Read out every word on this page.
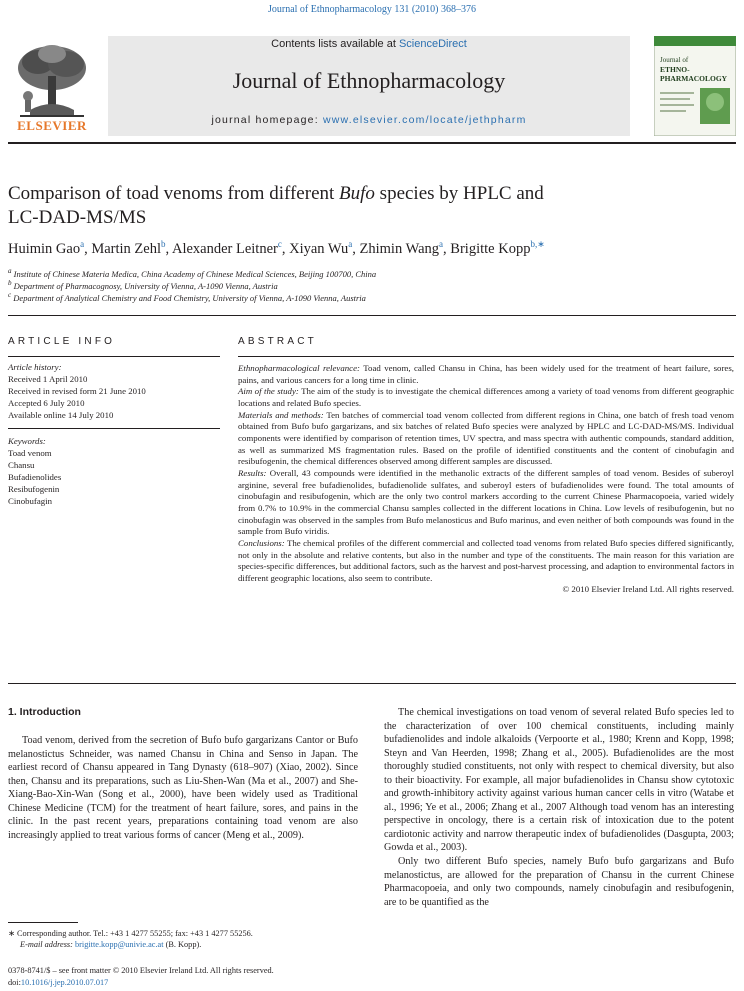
Journal of Ethnopharmacology 131 (2010) 368–376
ELSEVIER
Contents lists available at ScienceDirect
Journal of Ethnopharmacology
journal homepage: www.elsevier.com/locate/jethpharm
Journal of
ETHNO-
PHARMACOLOGY
Comparison of toad venoms from different Bufo species by HPLC and
LC-DAD-MS/MS
Huimin Gao$^a$, Martin Zehl$^b$, Alexander Leitner$^c$, Xiyan Wu$^a$, Zhimin Wang$^a$, Brigitte Kopp$^{b,∗}$
$^a$ Institute of Chinese Materia Medica, China Academy of Chinese Medical Sciences, Beijing 100700, China
$^b$ Department of Pharmacognosy, University of Vienna, A-1090 Vienna, Austria
$^c$ Department of Analytical Chemistry and Food Chemistry, University of Vienna, A-1090 Vienna, Austria
ARTICLE INFO
Article history:
Received 1 April 2010
Received in revised form 21 June 2010
Accepted 6 July 2010
Available online 14 July 2010
Keywords:
Toad venom
Chansu
Bufadienolides
Resibufogenin
Cinobufagin
ABSTRACT

Ethnopharmacological relevance: Toad venom, called Chansu in China, has been widely used for the treatment of heart failure, sores, pains, and various cancers for a long time in clinic.

Aim of the study: The aim of the study is to investigate the chemical differences among a variety of toad venoms from different geographic locations and related Bufo species.

Materials and methods: Ten batches of commercial toad venom collected from different regions in China, one batch of fresh toad venom obtained from Bufo bufo gargarizans, and six batches of related Bufo species were analyzed by HPLC and LC-DAD-MS/MS. Individual components were identified by comparison of retention times, UV spectra, and mass spectra with authentic compounds, standard addition, as well as summarized MS fragmentation rules. Based on the profile of identified constituents and the content of cinobufagin and resibufogenin, the chemical differences observed among different samples are discussed.

Results: Overall, 43 compounds were identified in the methanolic extracts of the different samples of toad venom. Besides of suberoyl arginine, several free bufadienolides, bufadienolide sulfates, and suberoyl esters of bufadienolides were found. The total amounts of cinobufagin and resibufogenin, which are the only two control markers according to the current Chinese Pharmacopoeia, varied widely from 0.7% to 10.9% in the commercial Chansu samples collected in the different locations in China. Low levels of resibufogenin, but no cinobufagin was observed in the samples from Bufo melanosticus and Bufo marinus, and even neither of both compounds was found in the sample from Bufo viridis.

Conclusions: The chemical profiles of the different commercial and collected toad venoms from related Bufo species differed significantly, not only in the absolute and relative contents, but also in the number and type of the constituents. The main reason for this variation are species-specific differences, but additional factors, such as the harvest and post-harvest processing, and adaption to environmental factors in different geographic locations, also seem to contribute.

© 2010 Elsevier Ireland Ltd. All rights reserved.

1. Introduction

Toad venom, derived from the secretion of Bufo bufo gargarizans Cantor or Bufo melanostictus Schneider, was named Chansu in China and Senso in Japan. The earliest record of Chansu appeared in Tang Dynasty (618–907) (Xiao, 2002). Since then, Chansu and its preparations, such as Liu-Shen-Wan (Ma et al., 2007) and She-Xiang-Bao-Xin-Wan (Song et al., 2000), have been widely used as Traditional Chinese Medicine (TCM) for the treatment of heart failure, sores, and pains in the clinic. In the past recent years, preparations containing toad venom are also increasingly applied to treat various forms of cancer (Meng et al., 2009).

The chemical investigations on toad venom of several related Bufo species led to the characterization of over 100 chemical constituents, including mainly bufadienolides and indole alkaloids (Verpoorte et al., 1980; Krenn and Kopp, 1998; Steyn and Van Heerden, 1998; Zhang et al., 2005). Bufadienolides are the most thoroughly studied constituents, not only with respect to chemical diversity, but also to their bioactivity. For example, all major bufadienolides in Chansu show cytotoxic and growth-inhibitory activity against various human cancer cells in vitro (Watabe et al., 1996; Ye et al., 2006; Zhang et al., 2007 Although toad venom has an interesting perspective in oncology, there is a certain risk of intoxication due to the potent cardiotonic activity and narrow therapeutic index of bufadienolides (Dasgupta, 2003; Gowda et al., 2003).

Only two different Bufo species, namely Bufo bufo gargarizans and Bufo melanostictus, are allowed for the preparation of Chansu in the current Chinese Pharmacopoeia, and only two compounds, namely cinobufagin and resibufogenin, are to be quantified as the

∗ Corresponding author. Tel.: +43 1 4277 55255; fax: +43 1 4277 55256.
E-mail address: brigitte.kopp@univie.ac.at (B. Kopp).
0378-8741/$ – see front matter © 2010 Elsevier Ireland Ltd. All rights reserved.
doi:10.1016/j.jep.2010.07.017
